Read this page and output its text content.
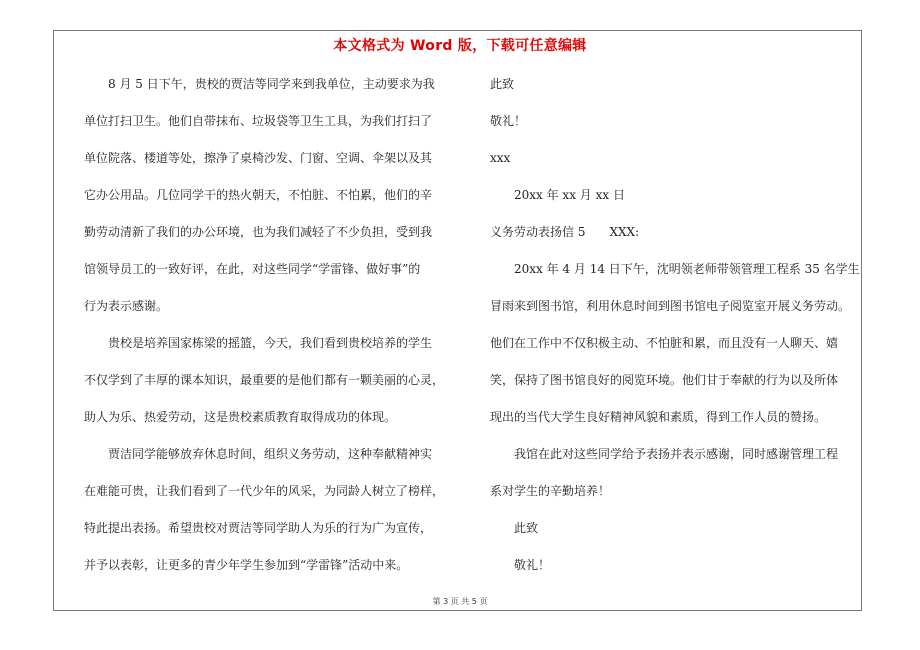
本文格式为 Word 版，下载可任意编辑
　　8 月 5 日下午，贵校的贾洁等同学来到我单位，主动要求为我
单位打扫卫生。他们自带抹布、垃圾袋等卫生工具，为我们打扫了
单位院落、楼道等处，擦净了桌椅沙发、门窗、空调、伞架以及其
它办公用品。几位同学干的热火朝天，不怕脏、不怕累，他们的辛
勤劳动清新了我们的办公环境，也为我们减轻了不少负担，受到我
馆领导员工的一致好评，在此，对这些同学“学雷锋、做好事”的
行为表示感谢。
　　贵校是培养国家栋梁的摇篮，今天，我们看到贵校培养的学生
不仅学到了丰厚的课本知识，最重要的是他们都有一颗美丽的心灵，
助人为乐、热爱劳动，这是贵校素质教育取得成功的体现。
　　贾洁同学能够放弃休息时间，组织义务劳动，这种奉献精神实
在难能可贵，让我们看到了一代少年的风采，为同龄人树立了榜样，
特此提出表扬。希望贵校对贾洁等同学助人为乐的行为广为宣传，
并予以表彰，让更多的青少年学生参加到“学雷锋”活动中来。
此致
敬礼！
xxx
　　20xx 年 xx 月 xx 日
义务劳动表扬信 5　　XXX:
　　20xx 年 4 月 14 日下午，沈明领老师带领管理工程系 35 名学生
冒雨来到图书馆，利用休息时间到图书馆电子阅览室开展义务劳动。
他们在工作中不仅积极主动、不怕脏和累，而且没有一人聊天、嬉
笑，保持了图书馆良好的阅览环境。他们甘于奉献的行为以及所体
现出的当代大学生良好精神风貌和素质，得到工作人员的赞扬。
　　我馆在此对这些同学给予表扬并表示感谢，同时感谢管理工程
系对学生的辛勤培养！
　　此致
　　敬礼！
第 3 页 共 5 页
